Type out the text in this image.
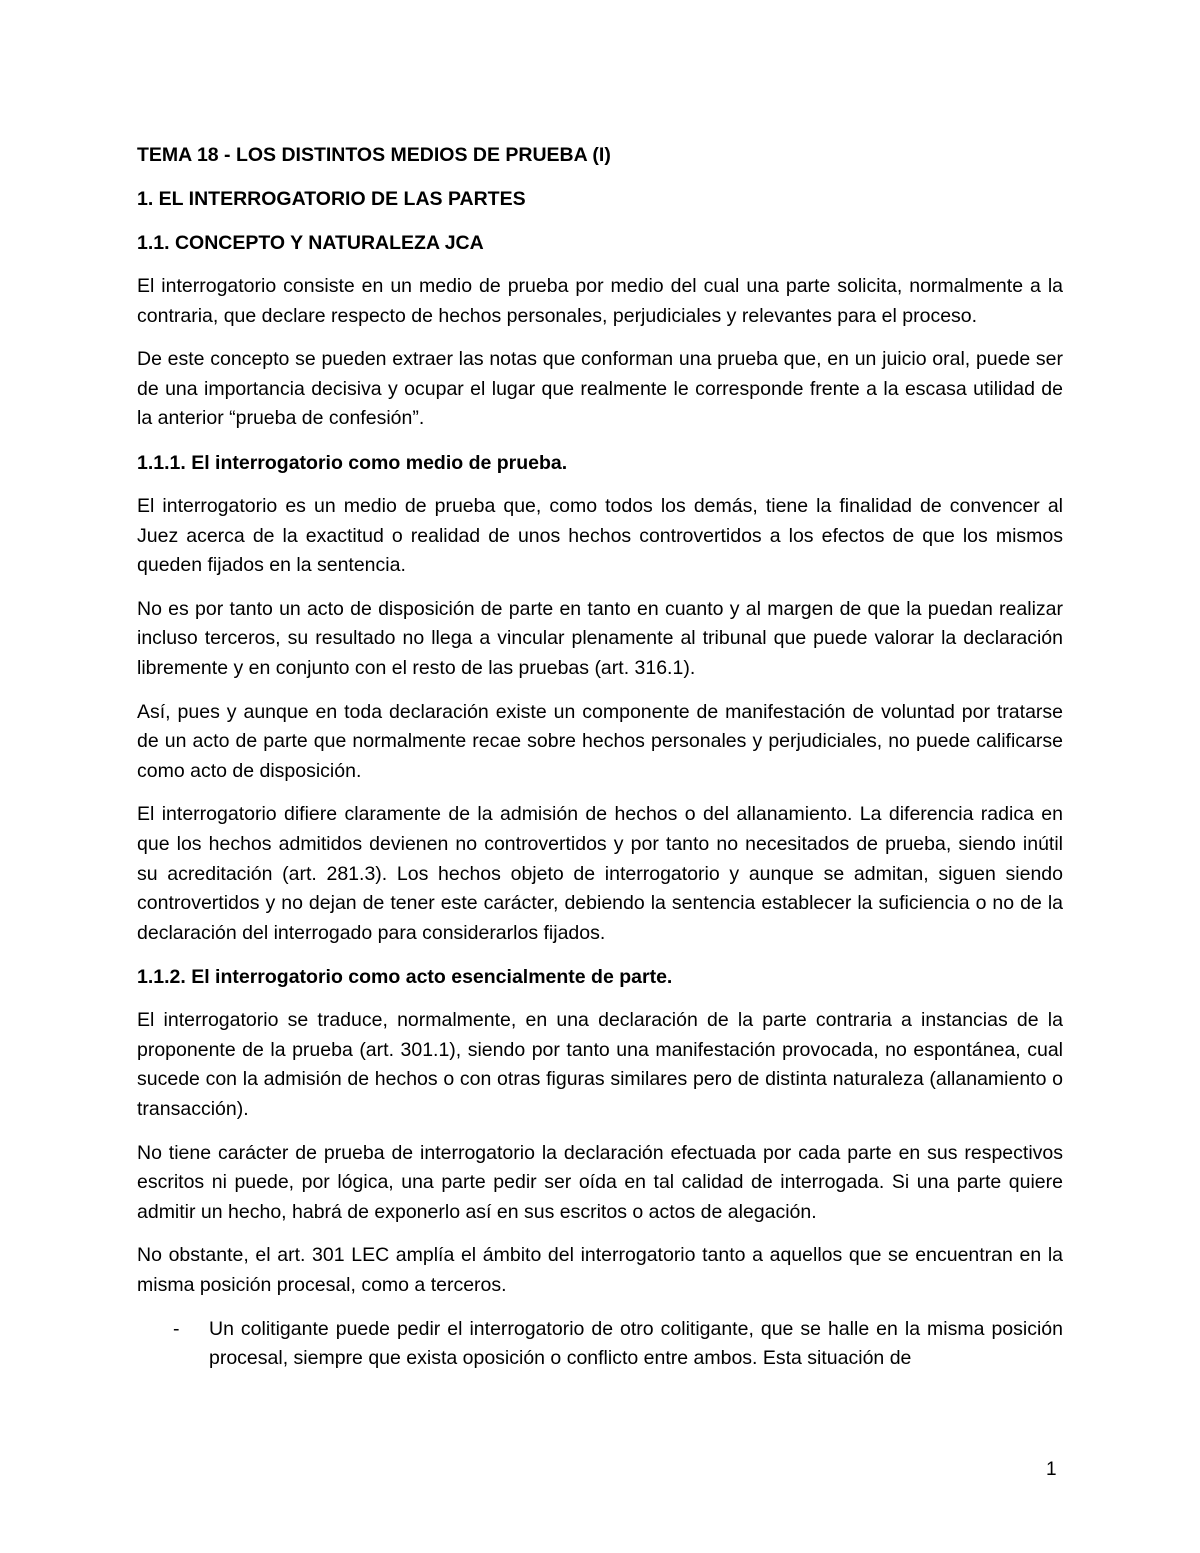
TEMA 18 - LOS DISTINTOS MEDIOS DE PRUEBA (I)
1. EL INTERROGATORIO DE LAS PARTES
1.1. CONCEPTO Y NATURALEZA JCA

El interrogatorio consiste en un medio de prueba por medio del cual una parte solicita, normalmente a la contraria, que declare respecto de hechos personales, perjudiciales y relevantes para el proceso.

De este concepto se pueden extraer las notas que conforman una prueba que, en un juicio oral, puede ser de una importancia decisiva y ocupar el lugar que realmente le corresponde frente a la escasa utilidad de la anterior “prueba de confesión”.

1.1.1. El interrogatorio como medio de prueba.

El interrogatorio es un medio de prueba que, como todos los demás, tiene la finalidad de convencer al Juez acerca de la exactitud o realidad de unos hechos controvertidos a los efectos de que los mismos queden fijados en la sentencia.

No es por tanto un acto de disposición de parte en tanto en cuanto y al margen de que la puedan realizar incluso terceros, su resultado no llega a vincular plenamente al tribunal que puede valorar la declaración libremente y en conjunto con el resto de las pruebas (art. 316.1).

Así, pues y aunque en toda declaración existe un componente de manifestación de voluntad por tratarse de un acto de parte que normalmente recae sobre hechos personales y perjudiciales, no puede calificarse como acto de disposición.

El interrogatorio difiere claramente de la admisión de hechos o del allanamiento. La diferencia radica en que los hechos admitidos devienen no controvertidos y por tanto no necesitados de prueba, siendo inútil su acreditación (art. 281.3). Los hechos objeto de interrogatorio y aunque se admitan, siguen siendo controvertidos y no dejan de tener este carácter, debiendo la sentencia establecer la suficiencia o no de la declaración del interrogado para considerarlos fijados.

1.1.2. El interrogatorio como acto esencialmente de parte.

El interrogatorio se traduce, normalmente, en una declaración de la parte contraria a instancias de la proponente de la prueba (art. 301.1), siendo por tanto una manifestación provocada, no espontánea, cual sucede con la admisión de hechos o con otras figuras similares pero de distinta naturaleza (allanamiento o transacción).

No tiene carácter de prueba de interrogatorio la declaración efectuada por cada parte en sus respectivos escritos ni puede, por lógica, una parte pedir ser oída en tal calidad de interrogada. Si una parte quiere admitir un hecho, habrá de exponerlo así en sus escritos o actos de alegación.

No obstante, el art. 301 LEC amplía el ámbito del interrogatorio tanto a aquellos que se encuentran en la misma posición procesal, como a terceros.

- Un colitigante puede pedir el interrogatorio de otro colitigante, que se halle en la misma posición procesal, siempre que exista oposición o conflicto entre ambos. Esta situación de
1
